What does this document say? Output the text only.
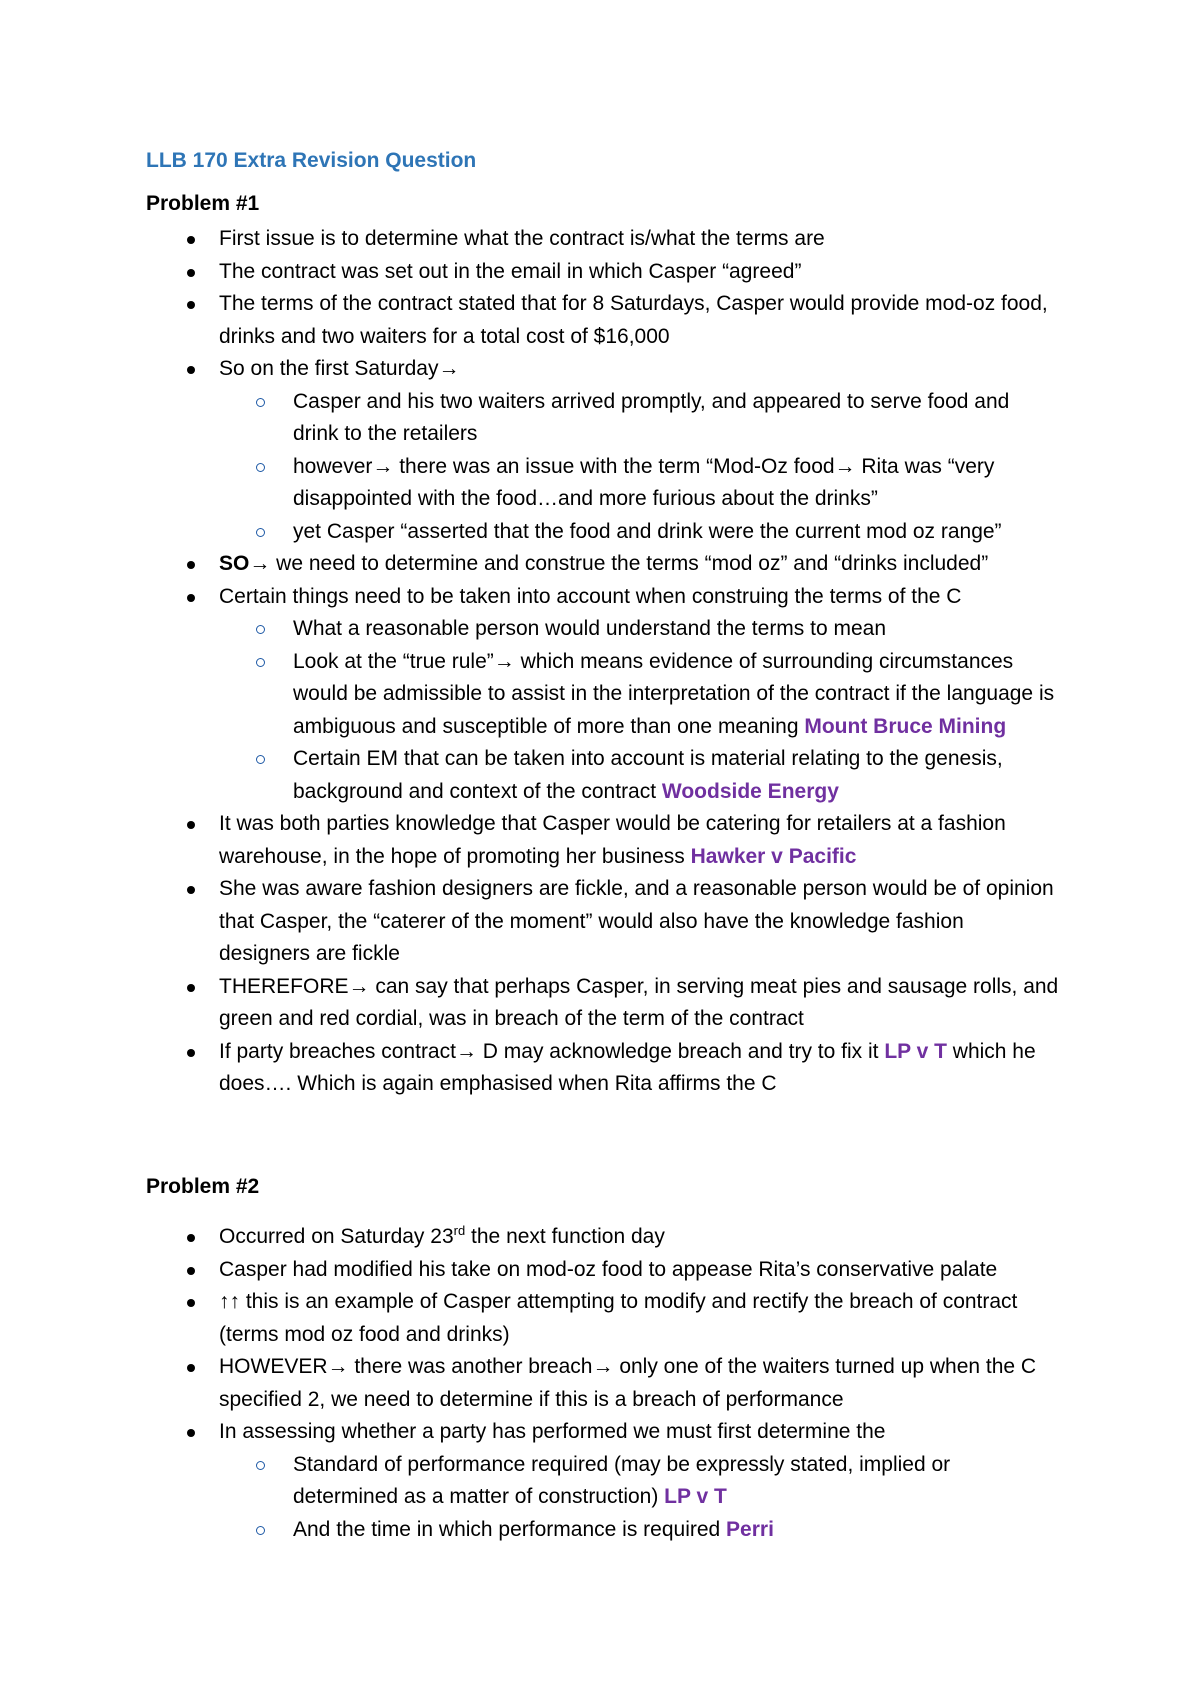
LLB 170 Extra Revision Question
Problem #1
First issue is to determine what the contract is/what the terms are
The contract was set out in the email in which Casper “agreed”
The terms of the contract stated that for 8 Saturdays, Casper would provide mod-oz food, drinks and two waiters for a total cost of $16,000
So on the first Saturday→
Casper and his two waiters arrived promptly, and appeared to serve food and drink to the retailers
however→ there was an issue with the term “Mod-Oz food→ Rita was “very disappointed with the food…and more furious about the drinks”
yet Casper “asserted that the food and drink were the current mod oz range”
SO→ we need to determine and construe the terms “mod oz” and “drinks included”
Certain things need to be taken into account when construing the terms of the C
What a reasonable person would understand the terms to mean
Look at the “true rule”→ which means evidence of surrounding circumstances would be admissible to assist in the interpretation of the contract if the language is ambiguous and susceptible of more than one meaning Mount Bruce Mining
Certain EM that can be taken into account is material relating to the genesis, background and context of the contract Woodside Energy
It was both parties knowledge that Casper would be catering for retailers at a fashion warehouse, in the hope of promoting her business Hawker v Pacific
She was aware fashion designers are fickle, and a reasonable person would be of opinion that Casper, the “caterer of the moment” would also have the knowledge fashion designers are fickle
THEREFORE→ can say that perhaps Casper, in serving meat pies and sausage rolls, and green and red cordial, was in breach of the term of the contract
If party breaches contract→ D may acknowledge breach and try to fix it LP v T which he does…. Which is again emphasised when Rita affirms the C
Problem #2
Occurred on Saturday 23rd the next function day
Casper had modified his take on mod-oz food to appease Rita’s conservative palate
↑↑ this is an example of Casper attempting to modify and rectify the breach of contract (terms mod oz food and drinks)
HOWEVER→ there was another breach→ only one of the waiters turned up when the C specified 2, we need to determine if this is a breach of performance
In assessing whether a party has performed we must first determine the
Standard of performance required (may be expressly stated, implied or determined as a matter of construction) LP v T
And the time in which performance is required Perri
